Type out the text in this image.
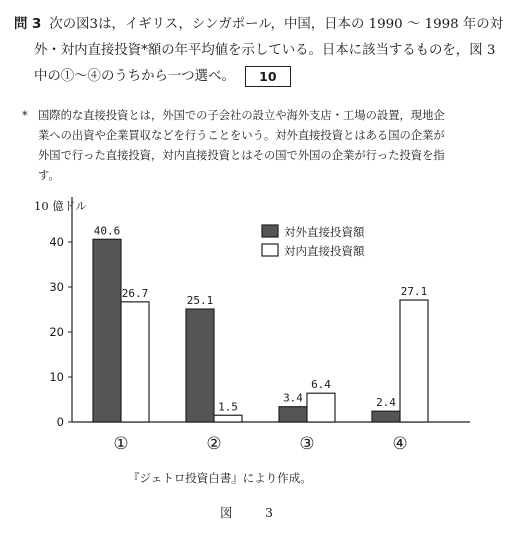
問 3 次の図3は，イギリス，シンガポール，中国，日本の 1990 ～ 1998 年の対
外・対内直接投資*額の年平均値を示している。日本に該当するものを，図 3
中の①～④のうちから一つ選べ。 10
* 国際的な直接投資とは，外国での子会社の設立や海外支店・工場の設置，現地企
業への出資や企業買収などを行うことをいう。対外直接投資とはある国の企業が
外国で行った直接投資，対内直接投資とはその国で外国の企業が行った投資を指
す。
10 億ドル
0
10
20
30
40
40.6
26.7
①
25.1
1.5
②
3.4
6.4
③
2.4
27.1
④
対外直接投資額
対内直接投資額
『ジェトロ投資白書』により作成。
図　3
